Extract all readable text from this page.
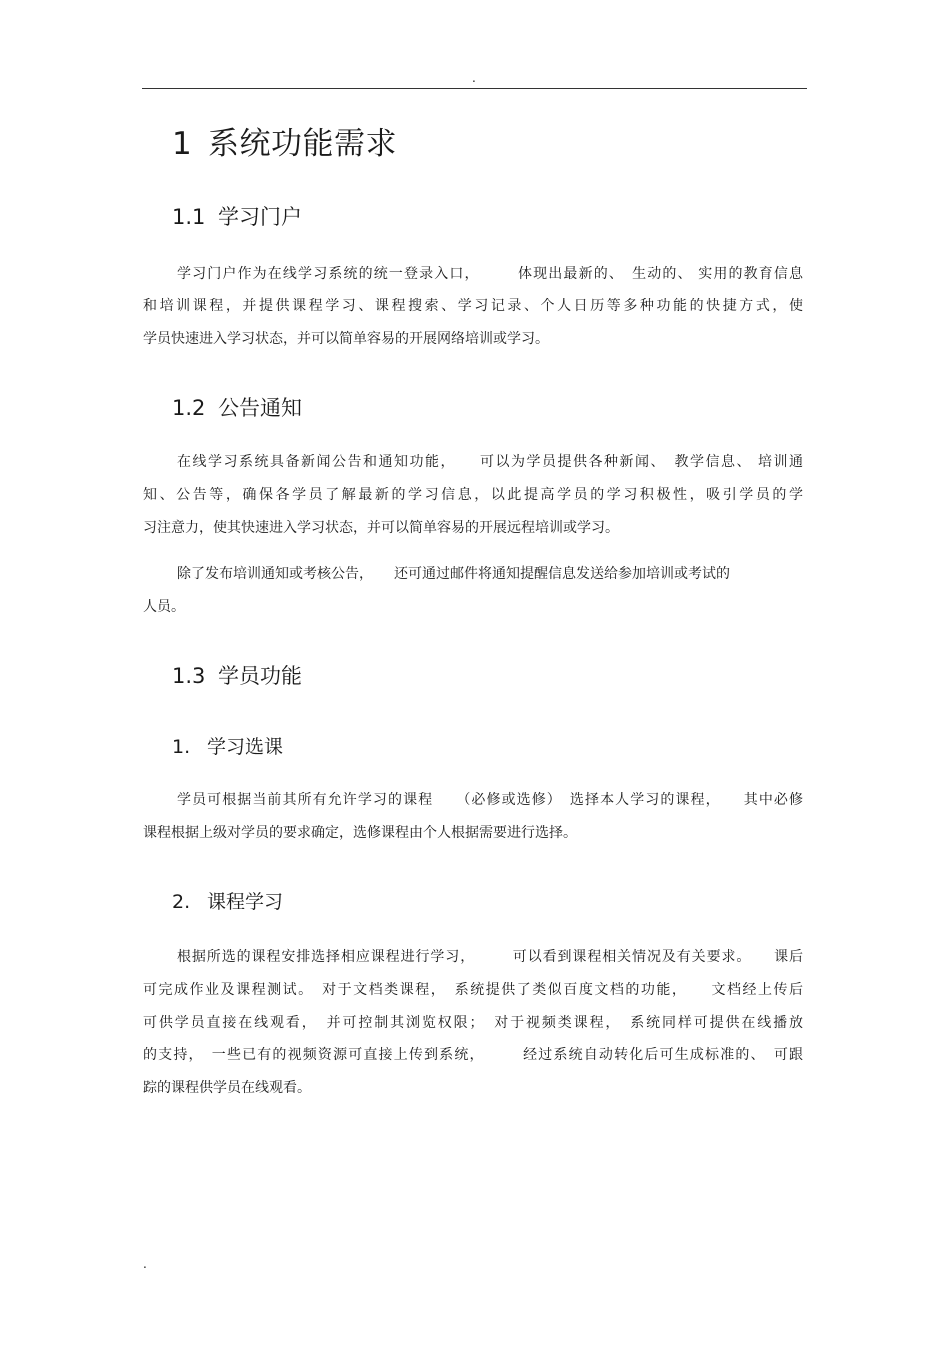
.
1 系统功能需求
1.1 学习门户
学习门户作为在线学习系统的统一登录入口，　　　体现出最新的、　生动的、 实用的教育信息
和培训课程，并提供课程学习、课程搜索、学习记录、个人日历等多种功能的快捷方式，使
学员快速进入学习状态，并可以简单容易的开展网络培训或学习。
1.2 公告通知
在线学习系统具备新闻公告和通知功能，　　可以为学员提供各种新闻、　教学信息、 培训通
知、公告等，确保各学员了解最新的学习信息，以此提高学员的学习积极性，吸引学员的学
习注意力，使其快速进入学习状态，并可以简单容易的开展远程培训或学习。
除了发布培训通知或考核公告，　　还可通过邮件将通知提醒信息发送给参加培训或考试的
人员。
1.3 学员功能
1. 学习选课
学员可根据当前其所有允许学习的课程　　（必修或选修）　选择本人学习的课程，　　其中必修
课程根据上级对学员的要求确定，选修课程由个人根据需要进行选择。
2. 课程学习
根据所选的课程安排选择相应课程进行学习，　　　可以看到课程相关情况及有关要求。　　课后
可完成作业及课程测试。　对于文档类课程，　系统提供了类似百度文档的功能，　　文档经上传后
可供学员直接在线观看，　并可控制其浏览权限；　对于视频类课程，　系统同样可提供在线播放
的支持，　一些已有的视频资源可直接上传到系统，　　　经过系统自动转化后可生成标准的、　可跟
踪的课程供学员在线观看。
.
